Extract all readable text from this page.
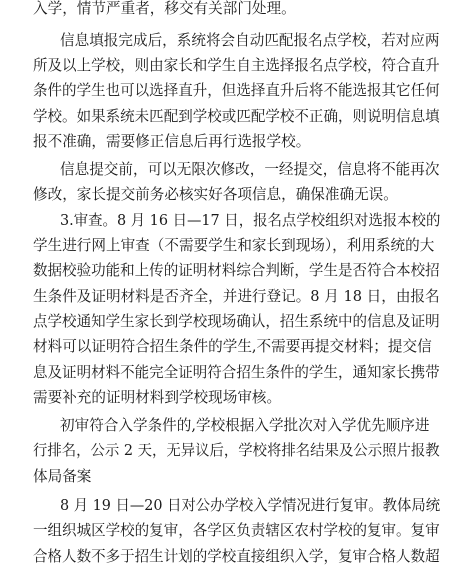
入学，情节严重者，移交有关部门处理。
信息填报完成后，系统将会自动匹配报名点学校，若对应两
所及以上学校，则由家长和学生自主选择报名点学校，符合直升
条件的学生也可以选择直升，但选择直升后将不能选报其它任何
学校。如果系统未匹配到学校或匹配学校不正确，则说明信息填
报不准确，需要修正信息后再行选报学校。
信息提交前，可以无限次修改，一经提交，信息将不能再次
修改，家长提交前务必核实好各项信息，确保准确无误。
3.审查。8 月 16 日—17 日，报名点学校组织对选报本校的
学生进行网上审查（不需要学生和家长到现场），利用系统的大
数据校验功能和上传的证明材料综合判断，学生是否符合本校招
生条件及证明材料是否齐全，并进行登记。8 月 18 日，由报名
点学校通知学生家长到学校现场确认，招生系统中的信息及证明
材料可以证明符合招生条件的学生,不需要再提交材料；提交信
息及证明材料不能完全证明符合招生条件的学生，通知家长携带
需要补充的证明材料到学校现场审核。
初审符合入学条件的,学校根据入学批次对入学优先顺序进
行排名，公示 2 天，无异议后，学校将排名结果及公示照片报教
体局备案
8 月 19 日—20 日对公办学校入学情况进行复审。教体局统
一组织城区学校的复审，各学区负责辖区农村学校的复审。复审
合格人数不多于招生计划的学校直接组织入学，复审合格人数超
